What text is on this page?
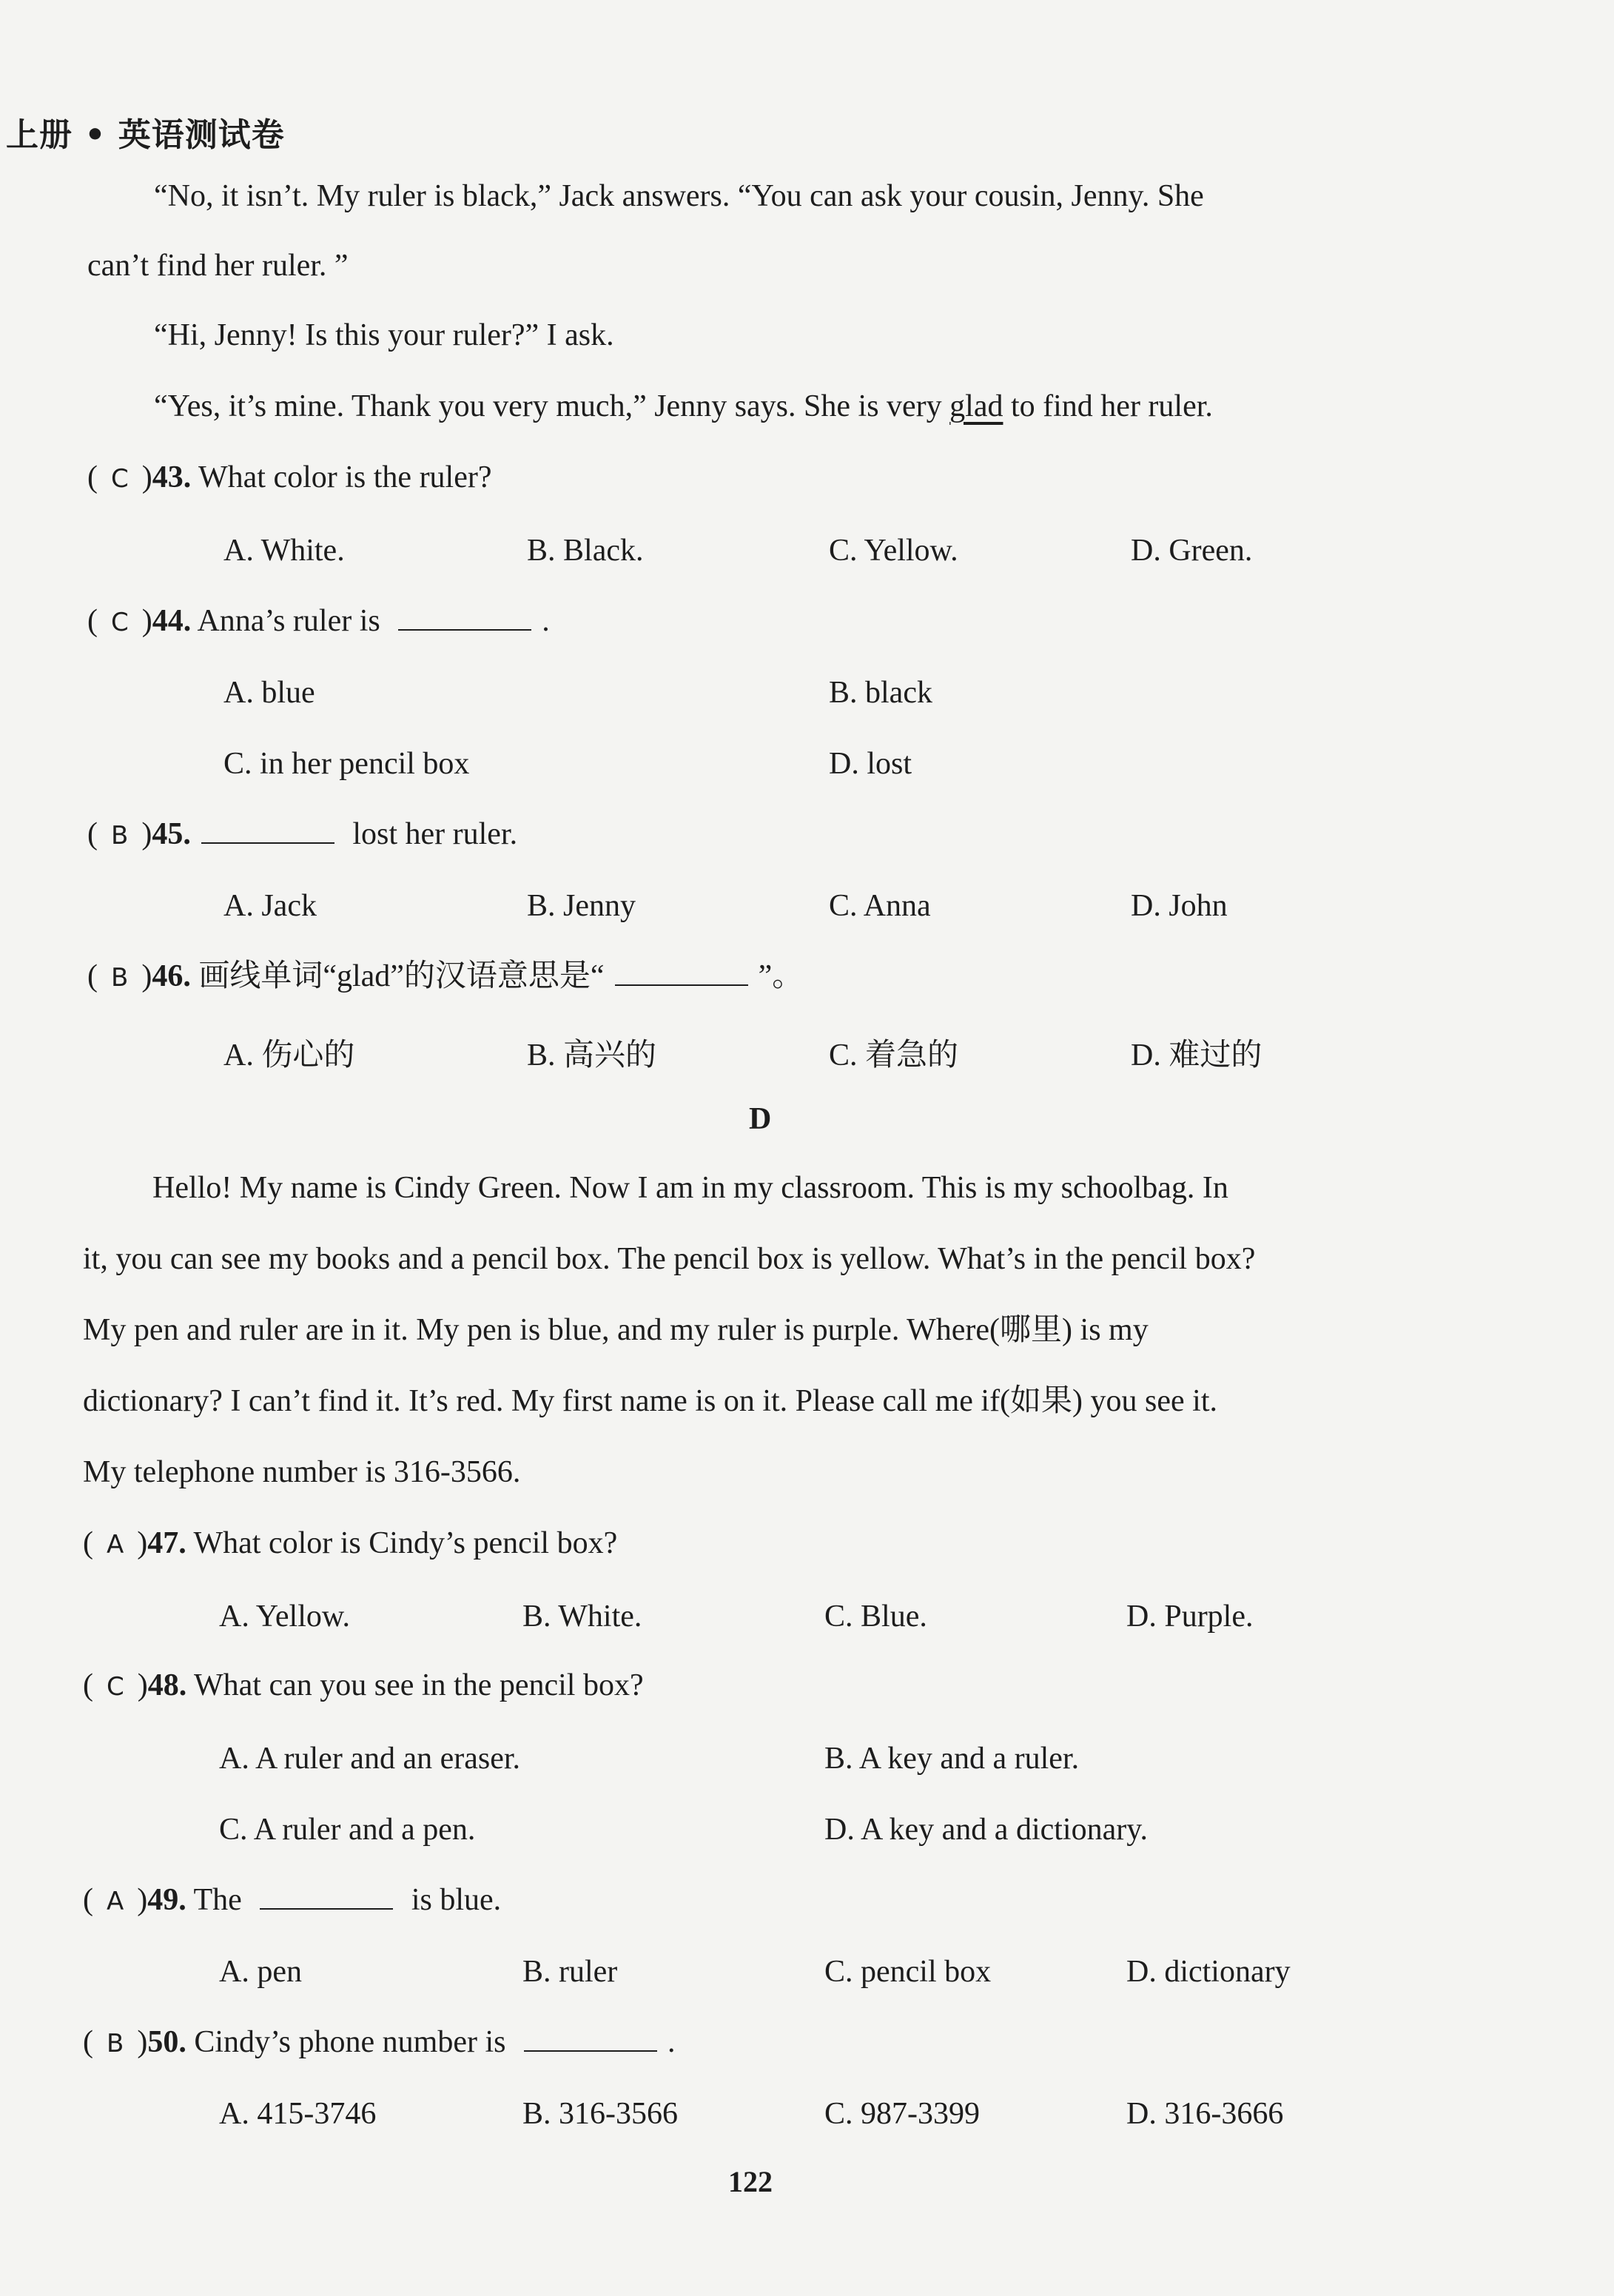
上册 • 英语测试卷
“No, it isn’t. My ruler is black,” Jack answers. “You can ask your cousin, Jenny. She
can’t find her ruler. ”
“Hi, Jenny! Is this your ruler?” I ask.
“Yes, it’s mine. Thank you very much,” Jenny says. She is very glad to find her ruler.
( C )43. What color is the ruler?
A. White.	B. Black.	C. Yellow.	D. Green.
( C )44. Anna’s ruler is	.
A. blue	B. black
C. in her pencil box	D. lost
( B )45.	lost her ruler.
A. Jack	B. Jenny	C. Anna	D. John
( B )46. 画线单词“glad”的汉语意思是“	”。
A. 伤心的	B. 高兴的	C. 着急的	D. 难过的
D
Hello! My name is Cindy Green. Now I am in my classroom. This is my schoolbag. In
it, you can see my books and a pencil box. The pencil box is yellow. What’s in the pencil box?
My pen and ruler are in it. My pen is blue, and my ruler is purple. Where(哪里) is my
dictionary? I can’t find it. It’s red. My first name is on it. Please call me if(如果) you see it.
My telephone number is 316-3566.
( A )47. What color is Cindy’s pencil box?
A. Yellow.	B. White.	C. Blue.	D. Purple.
( C )48. What can you see in the pencil box?
A. A ruler and an eraser.	B. A key and a ruler.
C. A ruler and a pen.	D. A key and a dictionary.
( A )49. The	is blue.
A. pen	B. ruler	C. pencil box	D. dictionary
( B )50. Cindy’s phone number is	.
A. 415-3746	B. 316-3566	C. 987-3399	D. 316-3666
122
